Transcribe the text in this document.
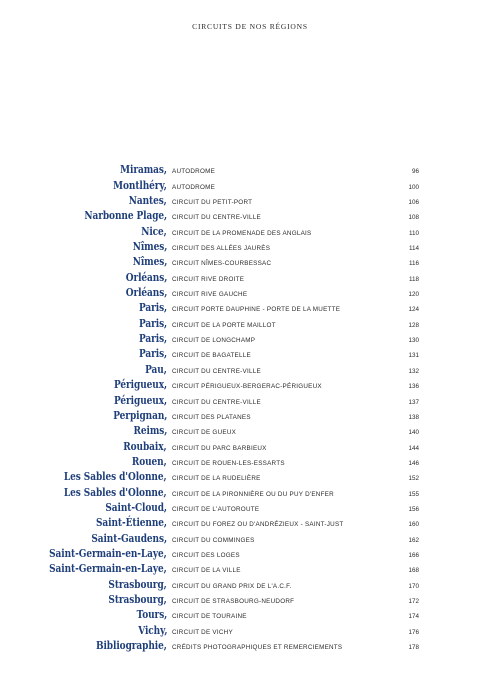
CIRCUITS DE NOS RÉGIONS
Miramas, AUTODROME	96
Montlhéry, AUTODROME	100
Nantes, CIRCUIT DU PETIT-PORT	106
Narbonne Plage, CIRCUIT DU CENTRE-VILLE	108
Nice, CIRCUIT DE LA PROMENADE DES ANGLAIS	110
Nîmes, CIRCUIT DES ALLÉES JAURÈS	114
Nîmes, CIRCUIT NÎMES-COURBESSAC	116
Orléans, CIRCUIT RIVE DROITE	118
Orléans, CIRCUIT RIVE GAUCHE	120
Paris, CIRCUIT PORTE DAUPHINE - PORTE DE LA MUETTE	124
Paris, CIRCUIT DE LA PORTE MAILLOT	128
Paris, CIRCUIT DE LONGCHAMP	130
Paris, CIRCUIT DE BAGATELLE	131
Pau, CIRCUIT DU CENTRE-VILLE	132
Périgueux, CIRCUIT PÉRIGUEUX-BERGERAC-PÉRIGUEUX	136
Périgueux, CIRCUIT DU CENTRE-VILLE	137
Perpignan, CIRCUIT DES PLATANES	138
Reims, CIRCUIT DE GUEUX	140
Roubaix, CIRCUIT DU PARC BARBIEUX	144
Rouen, CIRCUIT DE ROUEN-LES-ESSARTS	146
Les Sables d'Olonne, CIRCUIT DE LA RUDELIÈRE	152
Les Sables d'Olonne, CIRCUIT DE LA PIRONNIÈRE OU DU PUY D'ENFER	155
Saint-Cloud, CIRCUIT DE L'AUTOROUTE	156
Saint-Étienne, CIRCUIT DU FOREZ OU D'ANDRÉZIEUX - SAINT-JUST	160
Saint-Gaudens, CIRCUIT DU COMMINGES	162
Saint-Germain-en-Laye, CIRCUIT DES LOGES	166
Saint-Germain-en-Laye, CIRCUIT DE LA VILLE	168
Strasbourg, CIRCUIT DU GRAND PRIX DE L'A.C.F.	170
Strasbourg, CIRCUIT DE STRASBOURG-NEUDORF	172
Tours, CIRCUIT DE TOURAINE	174
Vichy, CIRCUIT DE VICHY	176
Bibliographie, CRÉDITS PHOTOGRAPHIQUES ET REMERCIEMENTS	178
